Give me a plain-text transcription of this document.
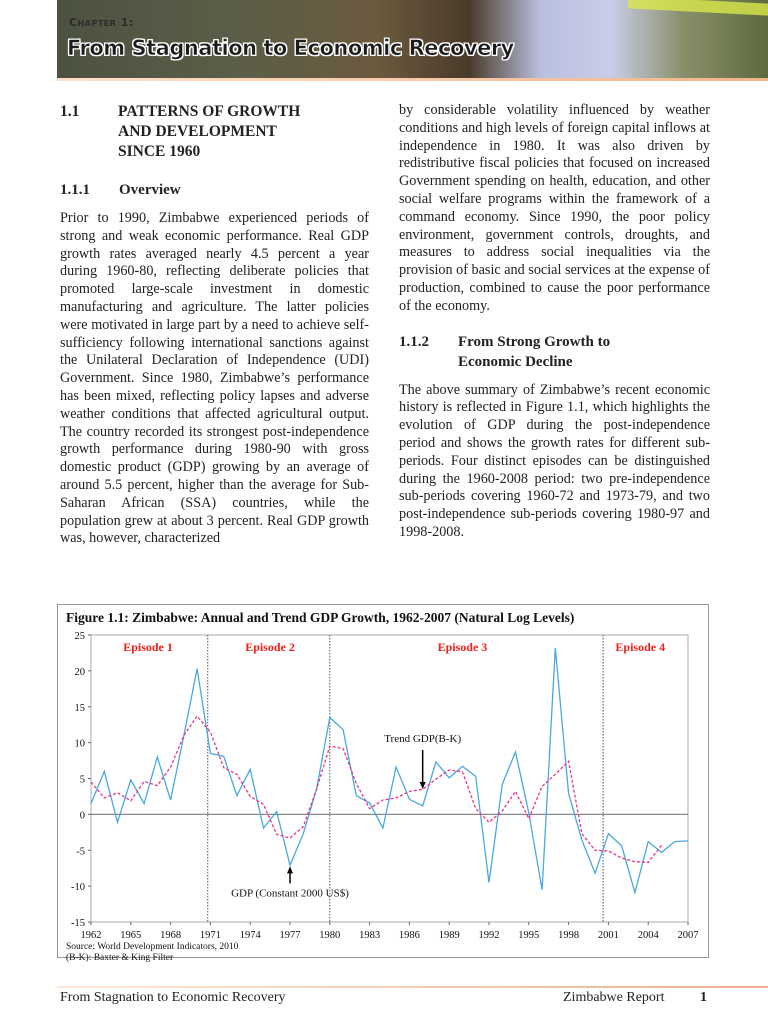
Chapter 1:
From Stagnation to Economic Recovery
1.1	PATTERNS OF GROWTH AND DEVELOPMENT SINCE 1960
1.1.1	Overview

Prior to 1990, Zimbabwe experienced periods of strong and weak economic performance. Real GDP growth rates averaged nearly 4.5 percent a year during 1960-80, reflecting deliberate policies that promoted large-scale investment in domestic manufacturing and agriculture. The latter policies were motivated in large part by a need to achieve self-sufficiency following international sanctions against the Unilateral Declaration of Independence (UDI) Government. Since 1980, Zimbabwe’s performance has been mixed, reflecting policy lapses and adverse weather conditions that affected agricultural output. The country recorded its strongest post-independence growth performance during 1980-90 with gross domestic product (GDP) growing by an average of around 5.5 percent, higher than the average for Sub-Saharan African (SSA) countries, while the population grew at about 3 percent. Real GDP growth was, however, characterized

by considerable volatility influenced by weather conditions and high levels of foreign capital inflows at independence in 1980. It was also driven by redistributive fiscal policies that focused on increased Government spending on health, education, and other social welfare programs within the framework of a command economy. Since 1990, the poor policy environment, government controls, droughts, and measures to address social inequalities via the provision of basic and social services at the expense of production, combined to cause the poor performance of the economy.

1.1.2	From Strong Growth to Economic Decline

The above summary of Zimbabwe’s recent economic history is reflected in Figure 1.1, which highlights the evolution of GDP during the post-independence period and shows the growth rates for different sub-periods. Four distinct episodes can be distinguished during the 1960-2008 period: two pre-independence sub-periods covering 1960-72 and 1973-79, and two post-independence sub-periods covering 1980-97 and 1998-2008.

Figure 1.1: Zimbabwe: Annual and Trend GDP Growth, 1962-2007 (Natural Log Levels)
25
20
15
10
5
0
-5
-10
-15
1962 1965 1968 1971 1974 1977 1980 1983 1986 1989 1992 1995 1998 2001 2004 2007
Episode 1	Episode 2	Episode 3	Episode 4
Trend GDP(B-K)
GDP (Constant 2000 US$)
Source: World Development Indicators, 2010
(B-K): Baxter & King Filter
From Stagnation to Economic Recovery	Zimbabwe Report	1
